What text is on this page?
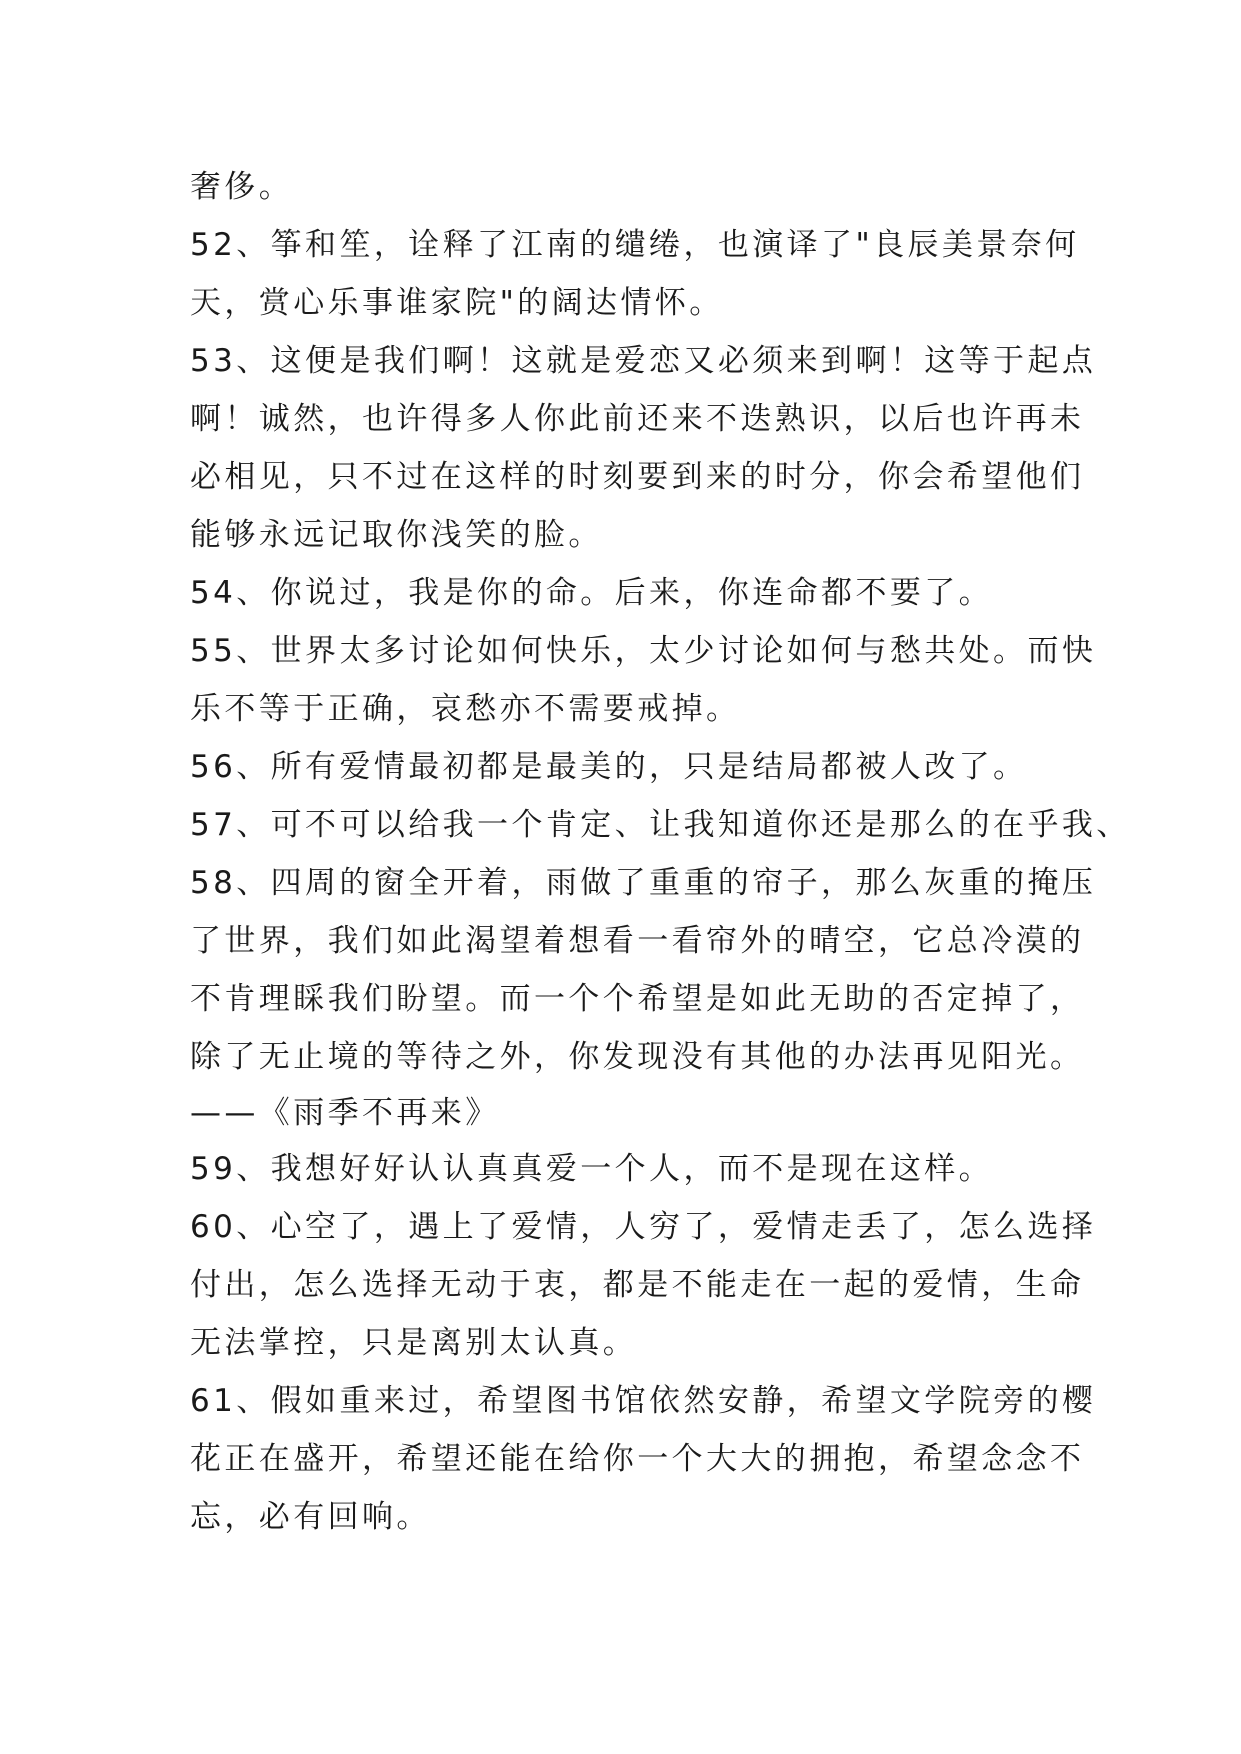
奢侈。
52、筝和笙，诠释了江南的缱绻，也演译了"良辰美景奈何
天，赏心乐事谁家院"的阔达情怀。
53、这便是我们啊！这就是爱恋又必须来到啊！这等于起点
啊！诚然，也许得多人你此前还来不迭熟识，以后也许再未
必相见，只不过在这样的时刻要到来的时分，你会希望他们
能够永远记取你浅笑的脸。
54、你说过，我是你的命。后来，你连命都不要了。
55、世界太多讨论如何快乐，太少讨论如何与愁共处。而快
乐不等于正确，哀愁亦不需要戒掉。
56、所有爱情最初都是最美的，只是结局都被人改了。
57、可不可以给我一个肯定、让我知道你还是那么的在乎我、
58、四周的窗全开着，雨做了重重的帘子，那么灰重的掩压
了世界，我们如此渴望着想看一看帘外的晴空，它总冷漠的
不肯理睬我们盼望。而一个个希望是如此无助的否定掉了，
除了无止境的等待之外，你发现没有其他的办法再见阳光。
——《雨季不再来》
59、我想好好认认真真爱一个人，而不是现在这样。
60、心空了，遇上了爱情，人穷了，爱情走丢了，怎么选择
付出，怎么选择无动于衷，都是不能走在一起的爱情，生命
无法掌控，只是离别太认真。
61、假如重来过，希望图书馆依然安静，希望文学院旁的樱
花正在盛开，希望还能在给你一个大大的拥抱，希望念念不
忘，必有回响。
